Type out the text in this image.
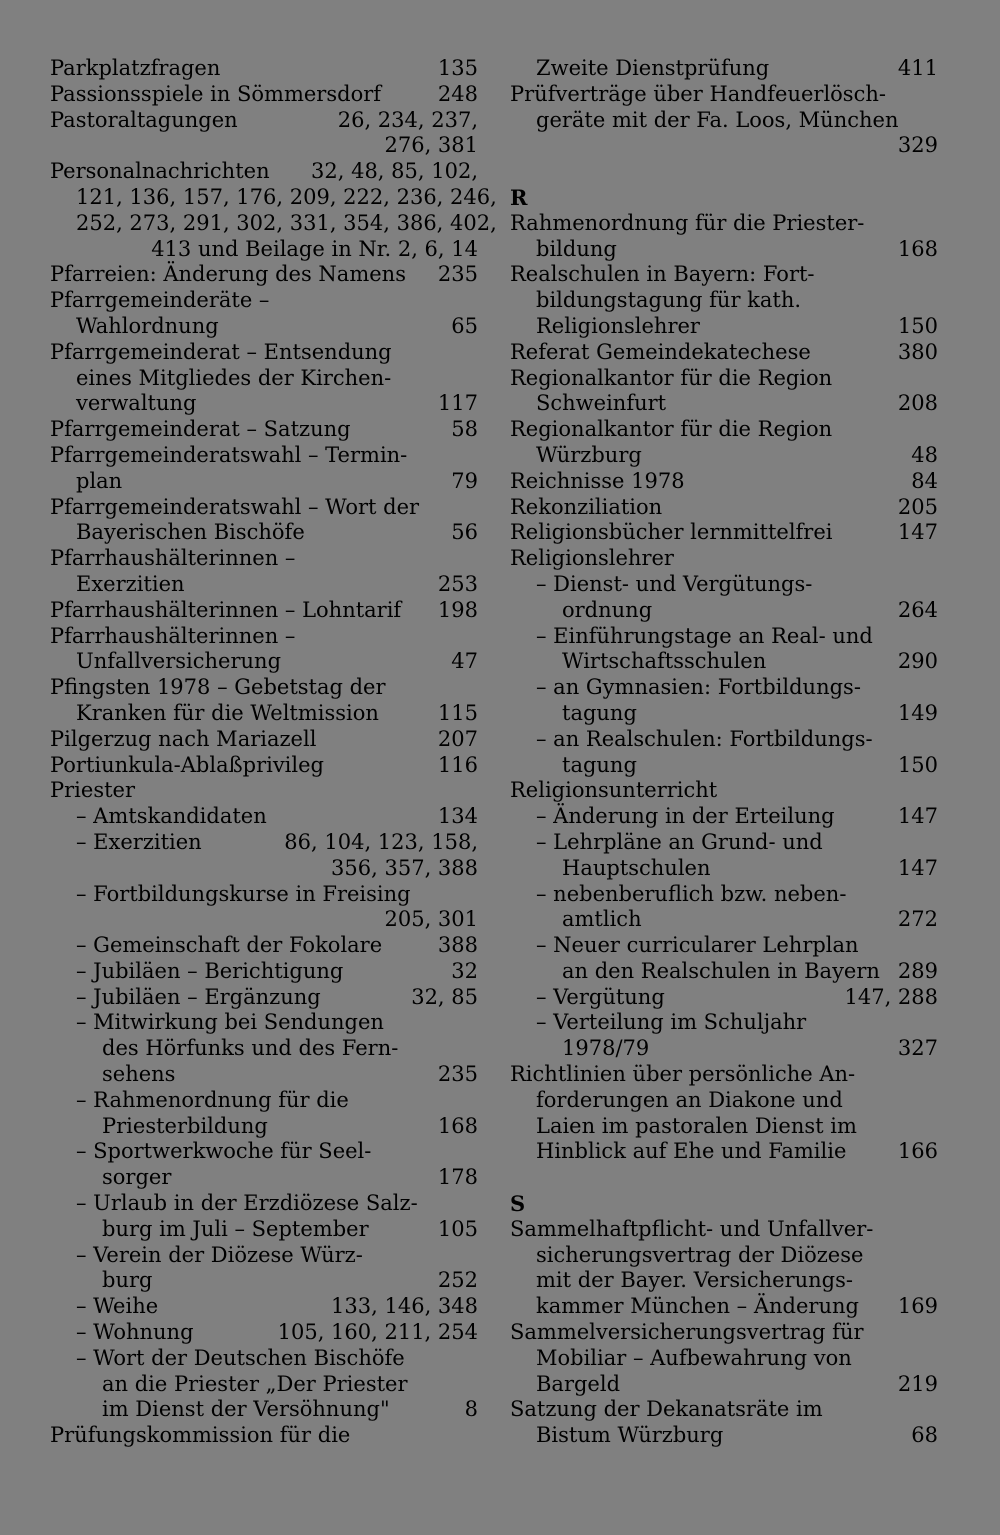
Parkplatzfragen	135
Passionsspiele in Sömmersdorf	248
Pastoraltagungen	26, 234, 237,
276, 381
Personalnachrichten 32, 48, 85, 102,
121, 136, 157, 176, 209, 222, 236, 246,
252, 273, 291, 302, 331, 354, 386, 402,
413 und Beilage in Nr. 2, 6, 14
Pfarreien: Änderung des Namens 235
Pfarrgemeinderäte –
Wahlordnung	65
Pfarrgemeinderat – Entsendung
eines Mitgliedes der Kirchen-
verwaltung	117
Pfarrgemeinderat – Satzung	58
Pfarrgemeinderatswahl – Termin-
plan	79
Pfarrgemeinderatswahl – Wort der
Bayerischen Bischöfe	56
Pfarrhaushälterinnen –
Exerzitien	253
Pfarrhaushälterinnen – Lohntarif 198
Pfarrhaushälterinnen –
Unfallversicherung	47
Pfingsten 1978 – Gebetstag der
Kranken für die Weltmission	115
Pilgerzug nach Mariazell	207
Portiunkula-Ablaßprivileg	116
Priester
– Amtskandidaten	134
– Exerzitien	86, 104, 123, 158,
356, 357, 388
– Fortbildungskurse in Freising
205, 301
– Gemeinschaft der Fokolare	388
– Jubiläen – Berichtigung	32
– Jubiläen – Ergänzung	32, 85
– Mitwirkung bei Sendungen
des Hörfunks und des Fern-
sehens	235
– Rahmenordnung für die
Priesterbildung	168
– Sportwerkwoche für Seel-
sorger	178
– Urlaub in der Erzdiözese Salz-
burg im Juli – September	105
– Verein der Diözese Würz-
burg	252
– Weihe	133, 146, 348
– Wohnung	105, 160, 211, 254
– Wort der Deutschen Bischöfe
an die Priester „Der Priester
im Dienst der Versöhnung"	8
Prüfungskommission für die
Zweite Dienstprüfung	411
Prüfverträge über Handfeuerlösch-
geräte mit der Fa. Loos, München
329
R
Rahmenordnung für die Priester-
bildung	168
Realschulen in Bayern: Fort-
bildungstagung für kath.
Religionslehrer	150
Referat Gemeindekatechese	380
Regionalkantor für die Region
Schweinfurt	208
Regionalkantor für die Region
Würzburg	48
Reichnisse 1978	84
Rekonziliation	205
Religionsbücher lernmittelfrei	147
Religionslehrer
– Dienst- und Vergütungs-
ordnung	264
– Einführungstage an Real- und
Wirtschaftsschulen	290
– an Gymnasien: Fortbildungs-
tagung	149
– an Realschulen: Fortbildungs-
tagung	150
Religionsunterricht
– Änderung in der Erteilung	147
– Lehrpläne an Grund- und
Hauptschulen	147
– nebenberuflich bzw. neben-
amtlich	272
– Neuer curricularer Lehrplan
an den Realschulen in Bayern 289
– Vergütung	147, 288
– Verteilung im Schuljahr
1978/79	327
Richtlinien über persönliche An-
forderungen an Diakone und
Laien im pastoralen Dienst im
Hinblick auf Ehe und Familie 166
S
Sammelhaftpflicht- und Unfallver-
sicherungsvertrag der Diözese
mit der Bayer. Versicherungs-
kammer München – Änderung 169
Sammelversicherungsvertrag für
Mobiliar – Aufbewahrung von
Bargeld	219
Satzung der Dekanatsräte im
Bistum Würzburg	68
